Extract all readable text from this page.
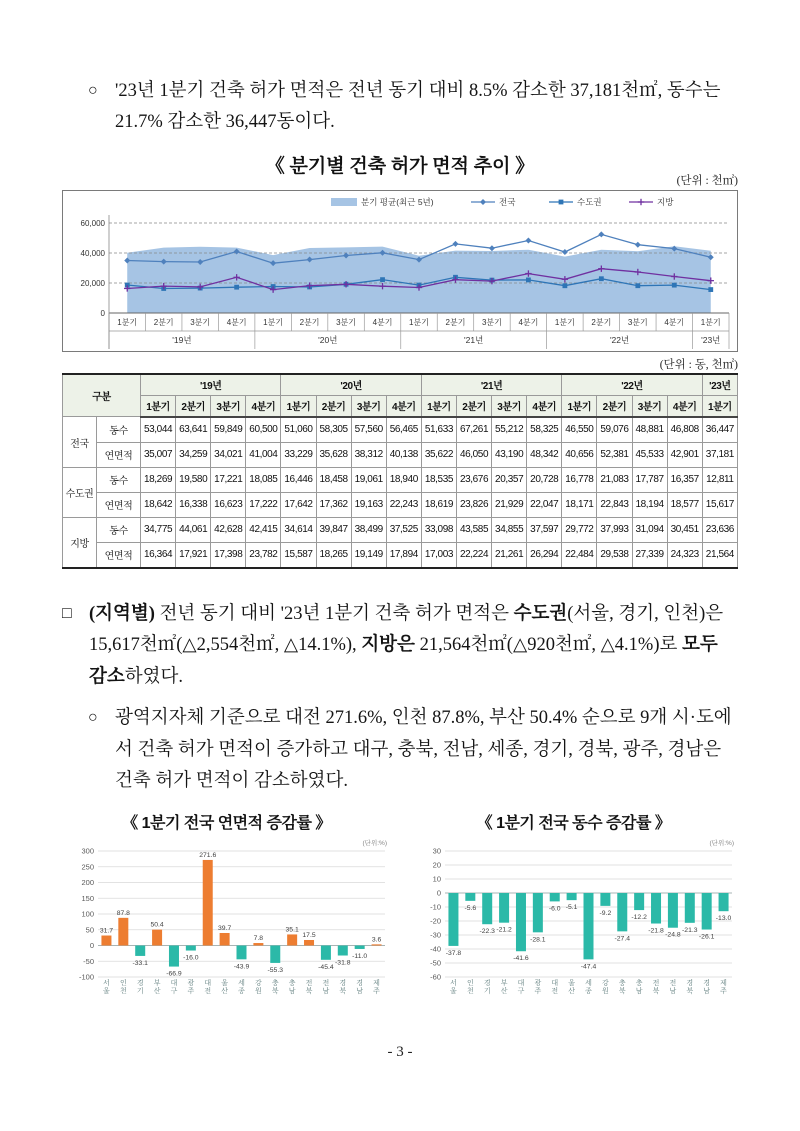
○ '23년 1분기 건축 허가 면적은 전년 동기 대비 8.5% 감소한 37,181천㎡, 동수는 21.7% 감소한 36,447동이다.
《 분기별 건축 허가 면적 추이 》
(단위 : 천㎡)
0
20,000
40,000
60,000
1분기 2분기 3분기 4분기 1분기 2분기 3분기 4분기 1분기 2분기 3분기 4분기 1분기 2분기 3분기 4분기 1분기
'19년	'20년	'21년	'22년	'23년
분기 평균(최근 5년)	전국	수도권	지방
(단위 : 동, 천㎡)
구분		'19년				'20년				'21년				'22년				'23년
		1분기	2분기	3분기	4분기	1분기	2분기	3분기	4분기	1분기	2분기	3분기	4분기	1분기	2분기	3분기	4분기	1분기
전국	동수	53,044	63,641	59,849	60,500	51,060	58,305	57,560	56,465	51,633	67,261	55,212	58,325	46,550	59,076	48,881	46,808	36,447
	연면적	35,007	34,259	34,021	41,004	33,229	35,628	38,312	40,138	35,622	46,050	43,190	48,342	40,656	52,381	45,533	42,901	37,181
수도권	동수	18,269	19,580	17,221	18,085	16,446	18,458	19,061	18,940	18,535	23,676	20,357	20,728	16,778	21,083	17,787	16,357	12,811
	연면적	18,642	16,338	16,623	17,222	17,642	17,362	19,163	22,243	18,619	23,826	21,929	22,047	18,171	22,843	18,194	18,577	15,617
지방	동수	34,775	44,061	42,628	42,415	34,614	39,847	38,499	37,525	33,098	43,585	34,855	37,597	29,772	37,993	31,094	30,451	23,636
	연면적	16,364	17,921	17,398	23,782	15,587	18,265	19,149	17,894	17,003	22,224	21,261	26,294	22,484	29,538	27,339	24,323	21,564
□ (지역별) 전년 동기 대비 '23년 1분기 건축 허가 면적은 수도권(서울, 경기, 인천)은 15,617천㎡(△2,554천㎡, △14.1%), 지방은 21,564천㎡(△920천㎡, △4.1%)로 모두 감소하였다.
○ 광역지자체 기준으로 대전 271.6%, 인천 87.8%, 부산 50.4% 순으로 9개 시·도에서 건축 허가 면적이 증가하고 대구, 충북, 전남, 세종, 경기, 경북, 광주, 경남은 건축 허가 면적이 감소하였다.
《 1분기 전국 연면적 증감률 》
300
250
200
150
100
50
0
-50
-100
31.7
87.8
-33.1
50.4
-66.9
-16.0
271.6
39.7
-43.9
7.8
-55.3
35.1
17.5
-45.4
-31.8
-11.0
3.6
서
울
인
천
경
기
부
산
대
구
광
주
대
전
울
산
세
종
강
원
충
북
충
남
전
북
전
남
경
북
경
남
제
주
(단위:%)
《 1분기 전국 동수 증감률 》
30
20
10
0
-10
-20
-30
-40
-50
-60
-37.8
-5.6
-22.3 -21.2
-41.6
-28.1
-6.0 -5.1
-47.4
-9.2
-27.4
-12.2
-21.8
-24.8
-21.3
-26.1
-13.0
서
울
인
천
경
기
부
산
대
구
광
주
대
전
울
산
세
종
강
원
충
북
충
남
전
북
전
남
경
북
경
남
제
주
(단위:%)
- 3 -
